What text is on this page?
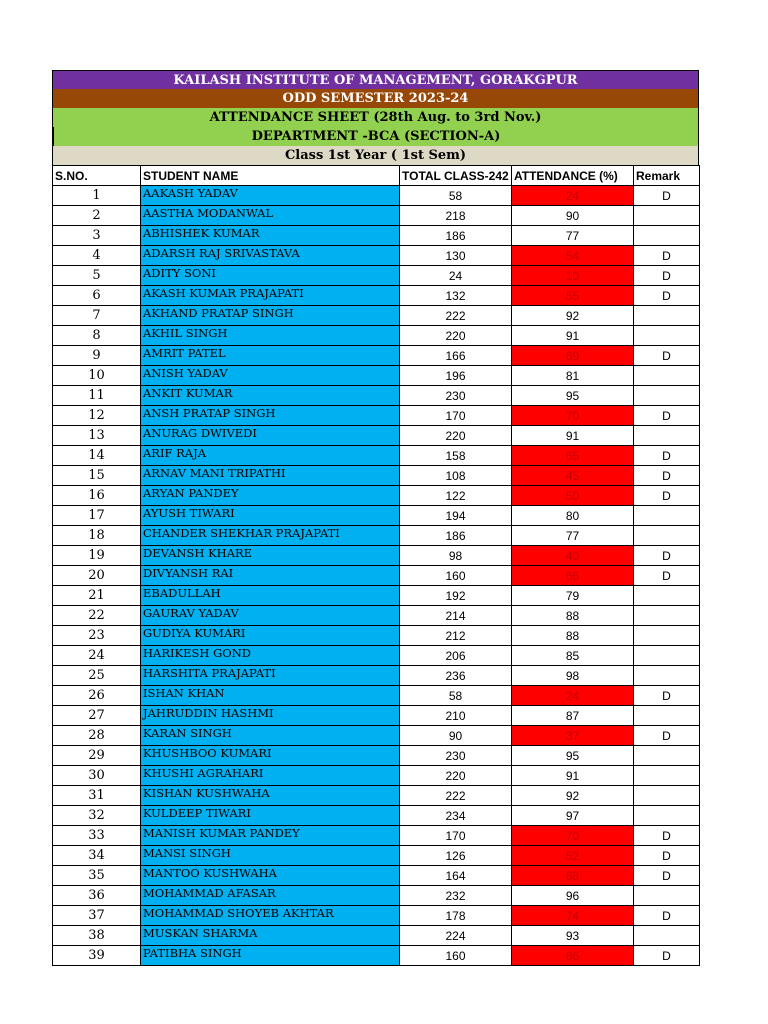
KAILASH INSTITUTE OF MANAGEMENT, GORAKGPUR
ODD SEMESTER 2023-24
ATTENDANCE SHEET (28th Aug. to 3rd Nov.)
DEPARTMENT -BCA (SECTION-A)
Class 1st Year ( 1st Sem)
S.NO.	STUDENT NAME	TOTAL CLASS-242	ATTENDANCE (%)	Remark
1	AAKASH YADAV	58	24	D
2	AASTHA MODANWAL	218	90	
3	ABHISHEK KUMAR	186	77	
4	ADARSH RAJ SRIVASTAVA	130	54	D
5	ADITY SONI	24	10	D
6	AKASH KUMAR PRAJAPATI	132	55	D
7	AKHAND PRATAP SINGH	222	92	
8	AKHIL SINGH	220	91	
9	AMRIT PATEL	166	69	D
10	ANISH YADAV	196	81	
11	ANKIT KUMAR	230	95	
12	ANSH PRATAP SINGH	170	70	D
13	ANURAG DWIVEDI	220	91	
14	ARIF RAJA	158	65	D
15	ARNAV MANI TRIPATHI	108	45	D
16	ARYAN PANDEY	122	50	D
17	AYUSH TIWARI	194	80	
18	CHANDER SHEKHAR PRAJAPATI	186	77	
19	DEVANSH KHARE	98	40	D
20	DIVYANSH RAI	160	66	D
21	EBADULLAH	192	79	
22	GAURAV YADAV	214	88	
23	GUDIYA KUMARI	212	88	
24	HARIKESH GOND	206	85	
25	HARSHITA PRAJAPATI	236	98	
26	ISHAN KHAN	58	24	D
27	JAHRUDDIN HASHMI	210	87	
28	KARAN SINGH	90	37	D
29	KHUSHBOO KUMARI	230	95	
30	KHUSHI AGRAHARI	220	91	
31	KISHAN KUSHWAHA	222	92	
32	KULDEEP TIWARI	234	97	
33	MANISH KUMAR PANDEY	170	70	D
34	MANSI SINGH	126	52	D
35	MANTOO KUSHWAHA	164	68	D
36	MOHAMMAD AFASAR	232	96	
37	MOHAMMAD SHOYEB AKHTAR	178	74	D
38	MUSKAN SHARMA	224	93	
39	PATIBHA SINGH	160	66	D
